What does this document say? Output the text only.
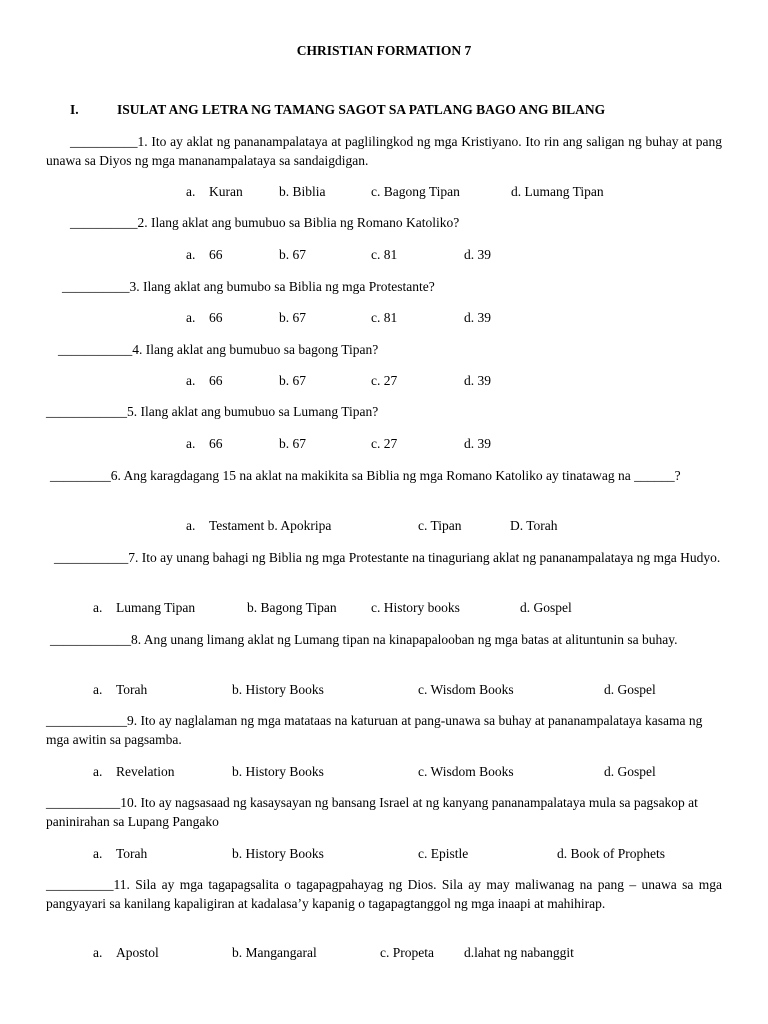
CHRISTIAN FORMATION 7
I.	ISULAT ANG LETRA NG TAMANG SAGOT SA PATLANG BAGO ANG BILANG
__________1. Ito ay aklat ng pananampalataya at paglilingkod ng mga Kristiyano. Ito rin ang saligan ng buhay at pang unawa sa Diyos ng mga mananampalataya sa sandaigdigan.
a. Kuran	b. Biblia	c. Bagong Tipan	d. Lumang Tipan
__________2. Ilang aklat ang bumubuo sa Biblia ng Romano Katoliko?
a. 66	b. 67	c. 81	d. 39
__________3. Ilang aklat ang bumubo sa Biblia ng mga Protestante?
a. 66	b. 67	c. 81	d. 39
___________4. Ilang aklat ang bumubuo sa bagong Tipan?
a. 66	b. 67	c. 27	d. 39
____________5. Ilang aklat ang bumubuo sa Lumang Tipan?
a. 66	b. 67	c. 27	d. 39
_________6. Ang karagdagang 15 na aklat na makikita sa Biblia ng mga Romano Katoliko ay tinatawag na ______?
a. Testament b. Apokripa	c. Tipan	D. Torah
___________7. Ito ay unang bahagi ng Biblia ng mga Protestante na tinaguriang aklat ng pananampalataya ng mga Hudyo.
a. Lumang Tipan	b. Bagong Tipan	c. History books	d. Gospel
____________8. Ang unang limang aklat ng Lumang tipan na kinapapalooban ng mga batas at alituntunin sa buhay.
a. Torah	b. History Books	c. Wisdom Books	d. Gospel
____________9. Ito ay naglalaman ng mga matataas na katuruan at pang-unawa sa buhay at pananampalataya kasama ng mga awitin sa pagsamba.
a. Revelation	b. History Books	c. Wisdom Books	d. Gospel
___________10. Ito ay nagsasaad ng kasaysayan ng bansang Israel at ng kanyang pananampalataya mula sa pagsakop at paninirahan sa Lupang Pangako
a. Torah	b. History Books	c. Epistle	d. Book of Prophets
__________11. Sila ay mga tagapagsalita o tagapagpahayag ng Dios. Sila ay may maliwanag na pang – unawa sa mga pangyayari sa kanilang kapaligiran at kadalasa’y kapanig o tagapagtanggol ng mga inaapi at mahihirap.
a. Apostol	b. Mangangaral	c. Propeta d.lahat ng nabanggit
